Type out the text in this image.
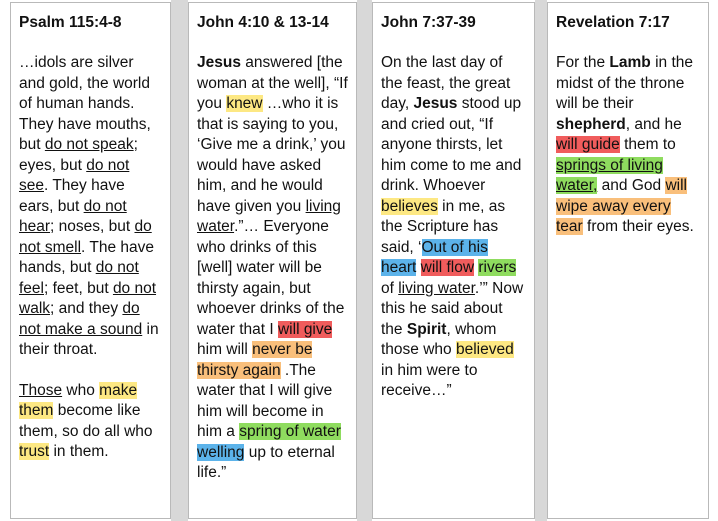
Psalm 115:4-8
…idols are silver and gold, the world of human hands. They have mouths, but do not speak; eyes, but do not see. They have ears, but do not hear; noses, but do not smell. The have hands, but do not feel; feet, but do not walk; and they do not make a sound in their throat.
Those who make them become like them, so do all who trust in them.
John 4:10 & 13-14
Jesus answered [the woman at the well], “If you knew …who it is that is saying to you, ‘Give me a drink,’ you would have asked him, and he would have given you living water.”… Everyone who drinks of this [well] water will be thirsty again, but whoever drinks of the water that I will give him will never be thirsty again .The water that I will give him will become in him a spring of water welling up to eternal life.”
John 7:37-39
On the last day of the feast, the great day, Jesus stood up and cried out, “If anyone thirsts, let him come to me and drink. Whoever believes in me, as the Scripture has said, ‘Out of his heart will flow rivers of living water.’” Now this he said about the Spirit, whom those who believed in him were to receive…”
Revelation 7:17
For the Lamb in the midst of the throne will be their shepherd, and he will guide them to springs of living water, and God will wipe away every tear from their eyes.
